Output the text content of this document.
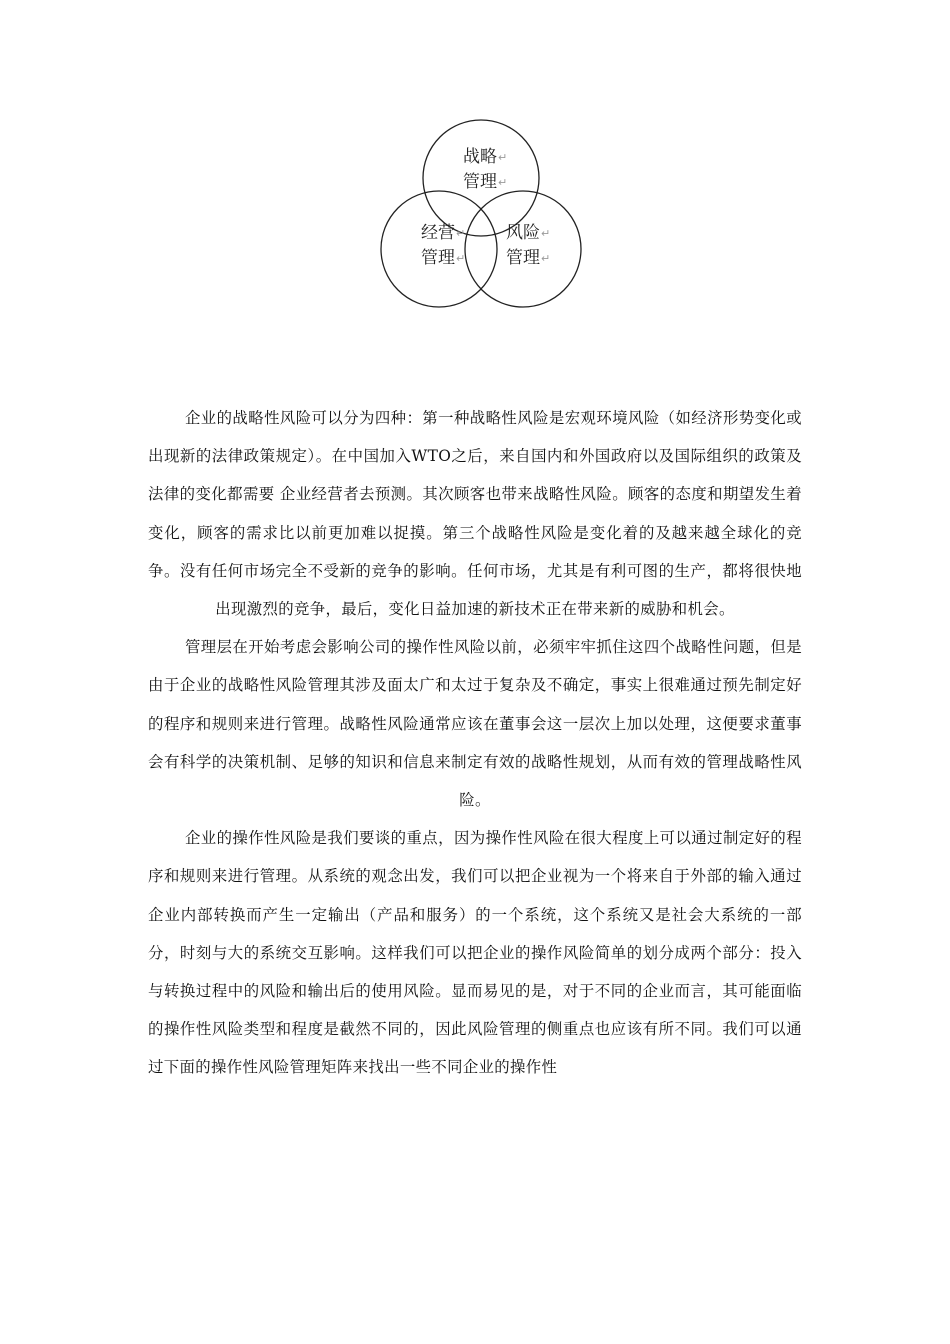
战略↵
管理↵
经营↵
管理↵
风险↵
管理↵

企业的战略性风险可以分为四种：第一种战略性风险是宏观环境风险（如经济形势变化或出现新的法律政策规定）。在中国加入WTO之后，来自国内和外国政府以及国际组织的政策及法律的变化都需要 企业经营者去预测。其次顾客也带来战略性风险。顾客的态度和期望发生着变化，顾客的需求比以前更加难以捉摸。第三个战略性风险是变化着的及越来越全球化的竞争。没有任何市场完全不受新的竞争的影响。任何市场，尤其是有利可图的生产，都将很快地出现激烈的竞争，最后，变化日益加速的新技术正在带来新的威胁和机会。

管理层在开始考虑会影响公司的操作性风险以前，必须牢牢抓住这四个战略性问题，但是由于企业的战略性风险管理其涉及面太广和太过于复杂及不确定，事实上很难通过预先制定好的程序和规则来进行管理。战略性风险通常应该在董事会这一层次上加以处理，这便要求董事会有科学的决策机制、足够的知识和信息来制定有效的战略性规划，从而有效的管理战略性风险。

企业的操作性风险是我们要谈的重点，因为操作性风险在很大程度上可以通过制定好的程序和规则来进行管理。从系统的观念出发，我们可以把企业视为一个将来自于外部的输入通过企业内部转换而产生一定输出（产品和服务）的一个系统，这个系统又是社会大系统的一部分，时刻与大的系统交互影响。这样我们可以把企业的操作风险简单的划分成两个部分：投入与转换过程中的风险和输出后的使用风险。显而易见的是，对于不同的企业而言，其可能面临的操作性风险类型和程度是截然不同的，因此风险管理的侧重点也应该有所不同。我们可以通过下面的操作性风险管理矩阵来找出一些不同企业的操作性
